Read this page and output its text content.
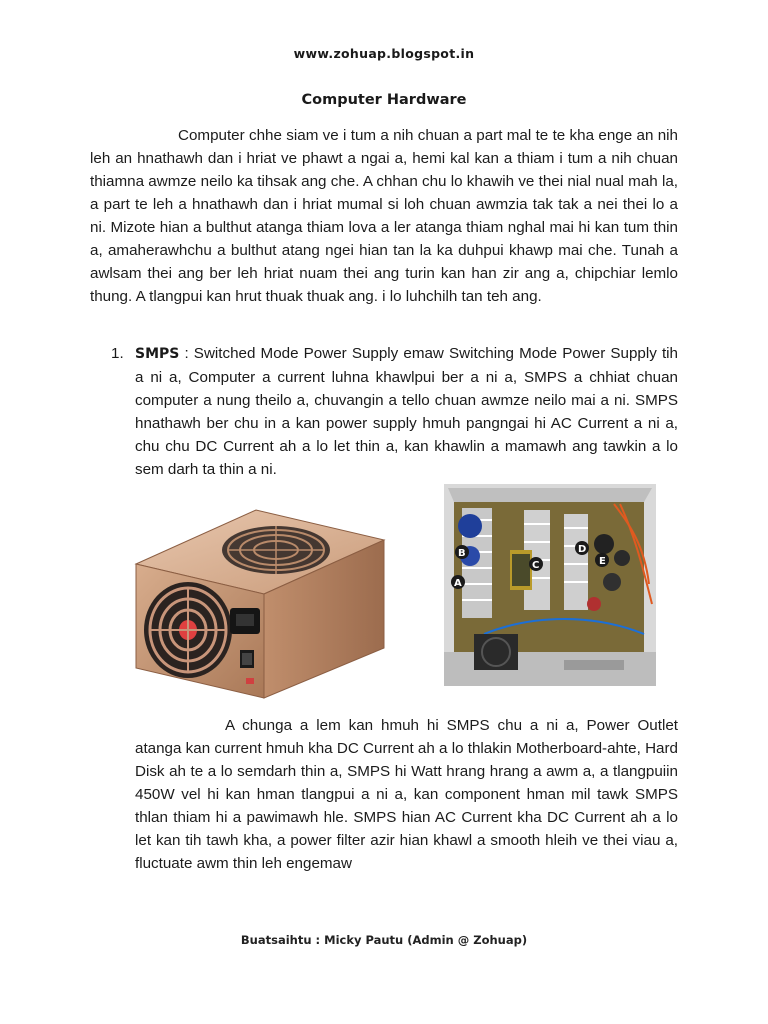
www.zohuap.blogspot.in
Computer Hardware
Computer chhe siam ve i tum a nih chuan a part mal te te kha enge an nih leh an hnathawh dan i hriat ve phawt a ngai a, hemi kal kan a thiam i tum a nih chuan thiamna awmze neilo ka tihsak ang che. A chhan chu lo khawih ve thei nial nual mah la, a part te leh a hnathawh dan i hriat mumal si loh chuan awmzia tak tak a nei thei lo a ni. Mizote hian a bulthut atanga thiam lova a ler atanga thiam nghal mai hi kan tum thin a, amaherawhchu a bulthut atang ngei hian tan la ka duhpui khawp mai che. Tunah a awlsam thei ang ber leh hriat nuam thei ang turin kan han zir ang a, chipchiar lemlo thung. A tlangpui kan hrut thuak thuak ang. i lo luhchilh tan teh ang.
1. SMPS : Switched Mode Power Supply emaw Switching Mode Power Supply tih a ni a, Computer a current luhna khawlpui ber a ni a, SMPS a chhiat chuan computer a nung theilo a, chuvangin a tello chuan awmze neilo mai a ni. SMPS hnathawh ber chu in a kan power supply hmuh pangngai hi AC Current a ni a, chu chu DC Current ah a lo let thin a, kan khawlin a mamawh ang tawkin a lo sem darh ta thin a ni.
A
B
C
D
E
A chunga a lem kan hmuh hi SMPS chu a ni a, Power Outlet atanga kan current hmuh kha DC Current ah a lo thlakin Motherboard-ahte, Hard Disk ah te a lo semdarh thin a, SMPS hi Watt hrang hrang a awm a, a tlangpuiin 450W vel hi kan hman tlangpui a ni a, kan component hman mil tawk SMPS thlan thiam hi a pawimawh hle. SMPS hian AC Current kha DC Current ah a lo let kan tih tawh kha, a power filter azir hian khawl a smooth hleih ve thei viau a, fluctuate awm thin leh engemaw
Buatsaihtu : Micky Pautu (Admin @ Zohuap)
